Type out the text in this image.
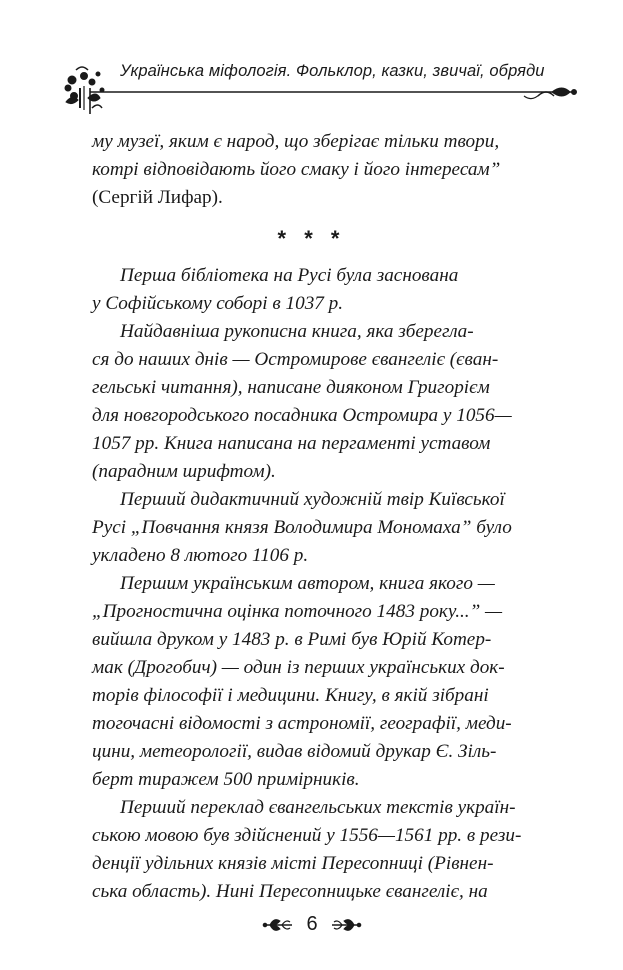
Українська міфологія. Фольклор, казки, звичаї, обряди
му музеї, яким є народ, що зберігає тільки твори,
котрі відповідають його смаку і його інтересам”
(Сергій Лифар).
* * *
Перша бібліотека на Русі була заснована
у Софійському соборі в 1037 р.
Найдавніша рукописна книга, яка збереглa-
ся до наших днів — Остромирове євангеліє (єван-
гельські читання), написане дияконом Григорієм
для новгородського посадника Остромира у 1056—
1057 рр. Книга написана на пергаменті уставом
(парадним шрифтом).
Перший дидактичний художній твір Київської
Русі „Повчання князя Володимира Мономаха” було
укладено 8 лютого 1106 р.
Першим українським автором, книга якого —
„Прогностична оцінка поточного 1483 року...” —
вийшла друком у 1483 р. в Римі був Юрій Котер-
мак (Дрогобич) — один із перших українських док-
торів філософії і медицини. Книгу, в якій зібрані
тогочасні відомості з астрономії, географії, меди-
цини, метеорології, видав відомий друкар Є. Зіль-
берт тиражем 500 примірників.
Перший переклад євангельських текстів україн-
ською мовою був здійснений у 1556—1561 рр. в рези-
денції удільних князів місті Пересопниці (Рівнен-
ська область). Нині Пересопницьке євангеліє, на
6
